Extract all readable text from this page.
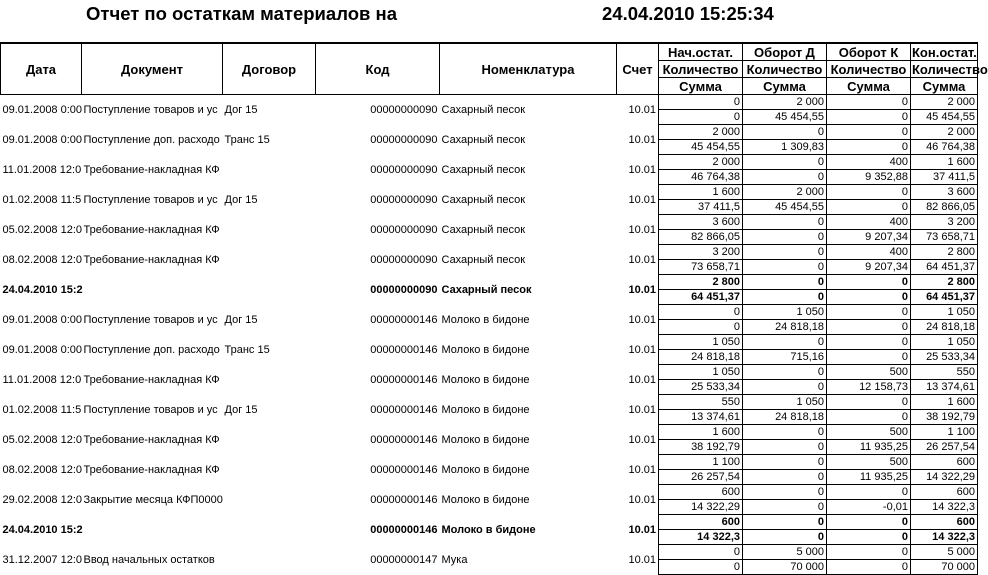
Отчет по остаткам материалов на	24.04.2010 15:25:34
Дата	Документ	Договор	Код	Номенклатура	Счет	Нач.остат.	Оборот Д	Оборот К	Кон.остат.
						Количество	Количество	Количество	Количество
						Сумма	Сумма	Сумма	Сумма
09.01.2008 0:00	Поступление товаров и ус	Дог 15	00000000090	Сахарный песок	10.01	0	2 000	0	2 000
						0	45 454,55	0	45 454,55
09.01.2008 0:00	Поступление доп. расходо	Транс 15	00000000090	Сахарный песок	10.01	2 000	0	0	2 000
						45 454,55	1 309,83	0	46 764,38
11.01.2008 12:0	Требование-накладная КФ		00000000090	Сахарный песок	10.01	2 000	0	400	1 600
						46 764,38	0	9 352,88	37 411,5
01.02.2008 11:5	Поступление товаров и ус	Дог 15	00000000090	Сахарный песок	10.01	1 600	2 000	0	3 600
						37 411,5	45 454,55	0	82 866,05
05.02.2008 12:0	Требование-накладная КФ		00000000090	Сахарный песок	10.01	3 600	0	400	3 200
						82 866,05	0	9 207,34	73 658,71
08.02.2008 12:0	Требование-накладная КФ		00000000090	Сахарный песок	10.01	3 200	0	400	2 800
						73 658,71	0	9 207,34	64 451,37
24.04.2010 15:2			00000000090	Сахарный песок	10.01	2 800	0	0	2 800
						64 451,37	0	0	64 451,37
09.01.2008 0:00	Поступление товаров и ус	Дог 15	00000000146	Молоко в бидоне	10.01	0	1 050	0	1 050
						0	24 818,18	0	24 818,18
09.01.2008 0:00	Поступление доп. расходо	Транс 15	00000000146	Молоко в бидоне	10.01	1 050	0	0	1 050
						24 818,18	715,16	0	25 533,34
11.01.2008 12:0	Требование-накладная КФ		00000000146	Молоко в бидоне	10.01	1 050	0	500	550
						25 533,34	0	12 158,73	13 374,61
01.02.2008 11:5	Поступление товаров и ус	Дог 15	00000000146	Молоко в бидоне	10.01	550	1 050	0	1 600
						13 374,61	24 818,18	0	38 192,79
05.02.2008 12:0	Требование-накладная КФ		00000000146	Молоко в бидоне	10.01	1 600	0	500	1 100
						38 192,79	0	11 935,25	26 257,54
08.02.2008 12:0	Требование-накладная КФ		00000000146	Молоко в бидоне	10.01	1 100	0	500	600
						26 257,54	0	11 935,25	14 322,29
29.02.2008 12:0	Закрытие месяца КФП0000		00000000146	Молоко в бидоне	10.01	600	0	0	600
						14 322,29	0	-0,01	14 322,3
24.04.2010 15:2			00000000146	Молоко в бидоне	10.01	600	0	0	600
						14 322,3	0	0	14 322,3
31.12.2007 12:0	Ввод начальных остатков		00000000147	Мука	10.01	0	5 000	0	5 000
						0	70 000	0	70 000
